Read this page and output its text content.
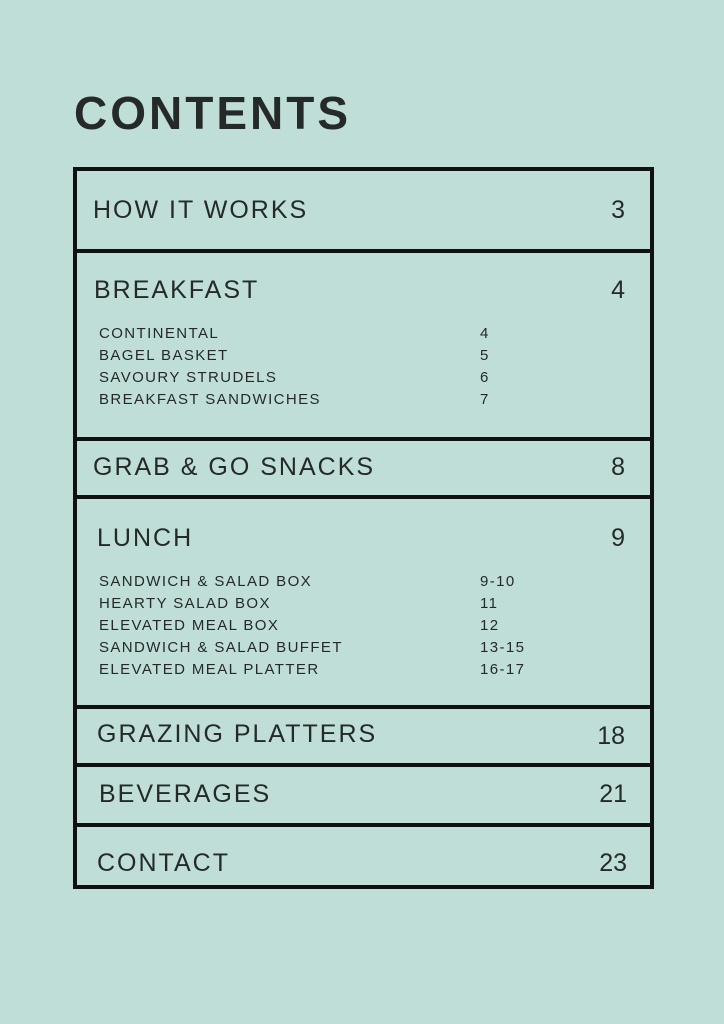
CONTENTS
HOW IT WORKS	3
BREAKFAST	4
CONTINENTAL	4
BAGEL BASKET	5
SAVOURY STRUDELS	6
BREAKFAST SANDWICHES	7
GRAB & GO SNACKS	8
LUNCH	9
SANDWICH & SALAD BOX	9-10
HEARTY SALAD BOX	11
ELEVATED MEAL BOX	12
SANDWICH & SALAD BUFFET	13-15
ELEVATED MEAL PLATTER	16-17
GRAZING PLATTERS	18
BEVERAGES	21
CONTACT	23
